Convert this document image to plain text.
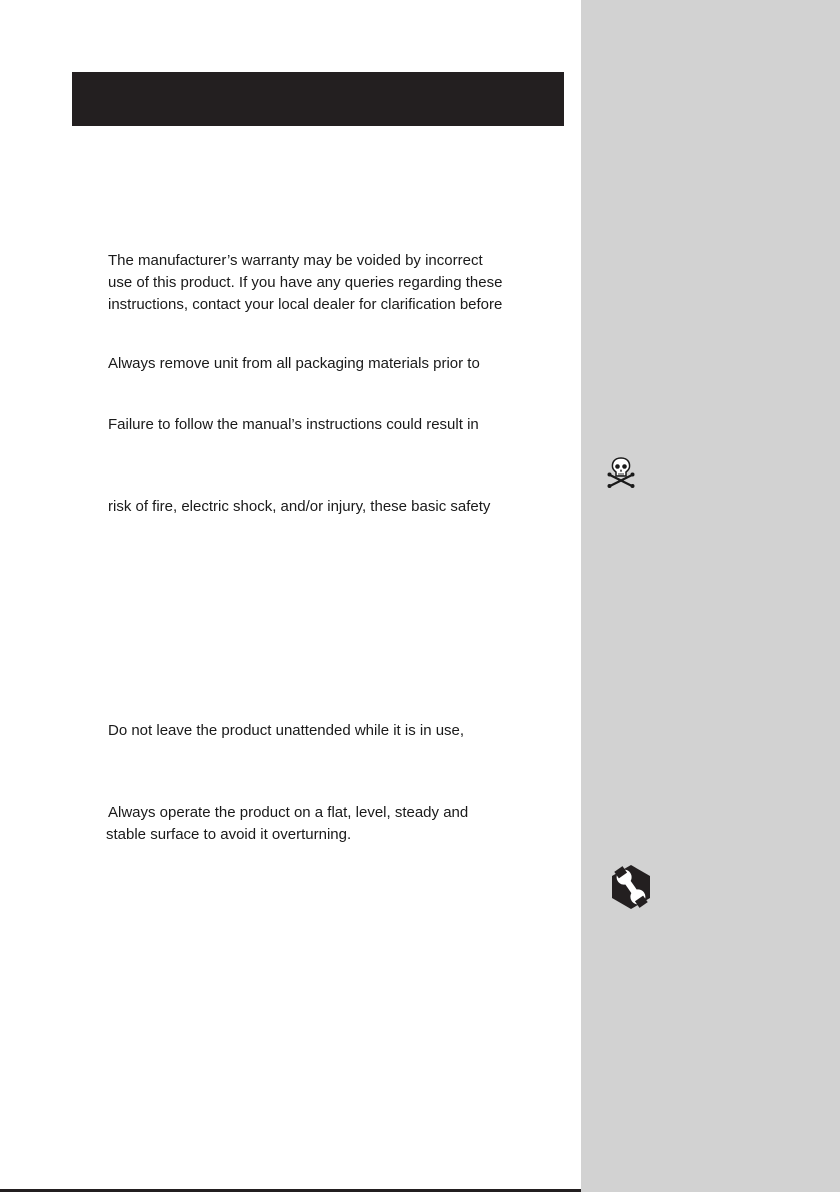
The manufacturer’s warranty may be voided by incorrect
use of this product. If you have any queries regarding these
instructions, contact your local dealer for clarification before

Always remove unit from all packaging materials prior to

Failure to follow the manual’s instructions could result in

risk of fire, electric shock, and/or injury, these basic safety

Do not leave the product unattended while it is in use,

Always operate the product on a flat, level, steady and
stable surface to avoid it overturning.
